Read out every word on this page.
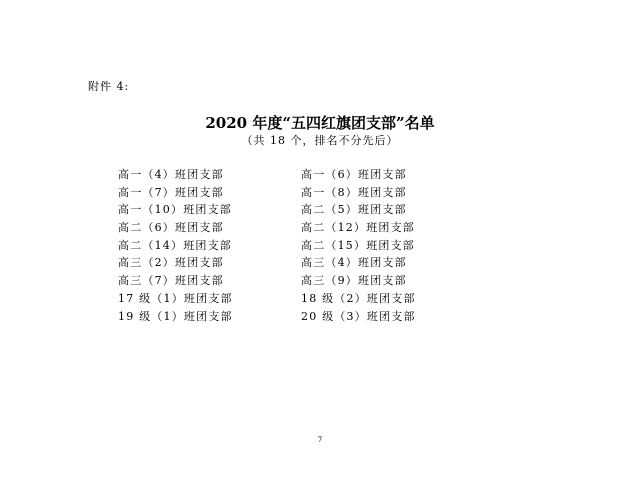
附件 4:
2020 年度“五四红旗团支部”名单
（共 18 个，排名不分先后）
高一（4）班团支部	高一（6）班团支部
高一（7）班团支部	高一（8）班团支部
高一（10）班团支部	高二（5）班团支部
高二（6）班团支部	高二（12）班团支部
高二（14）班团支部	高二（15）班团支部
高三（2）班团支部	高三（4）班团支部
高三（7）班团支部	高三（9）班团支部
17 级（1）班团支部	18 级（2）班团支部
19 级（1）班团支部	20 级（3）班团支部
7
